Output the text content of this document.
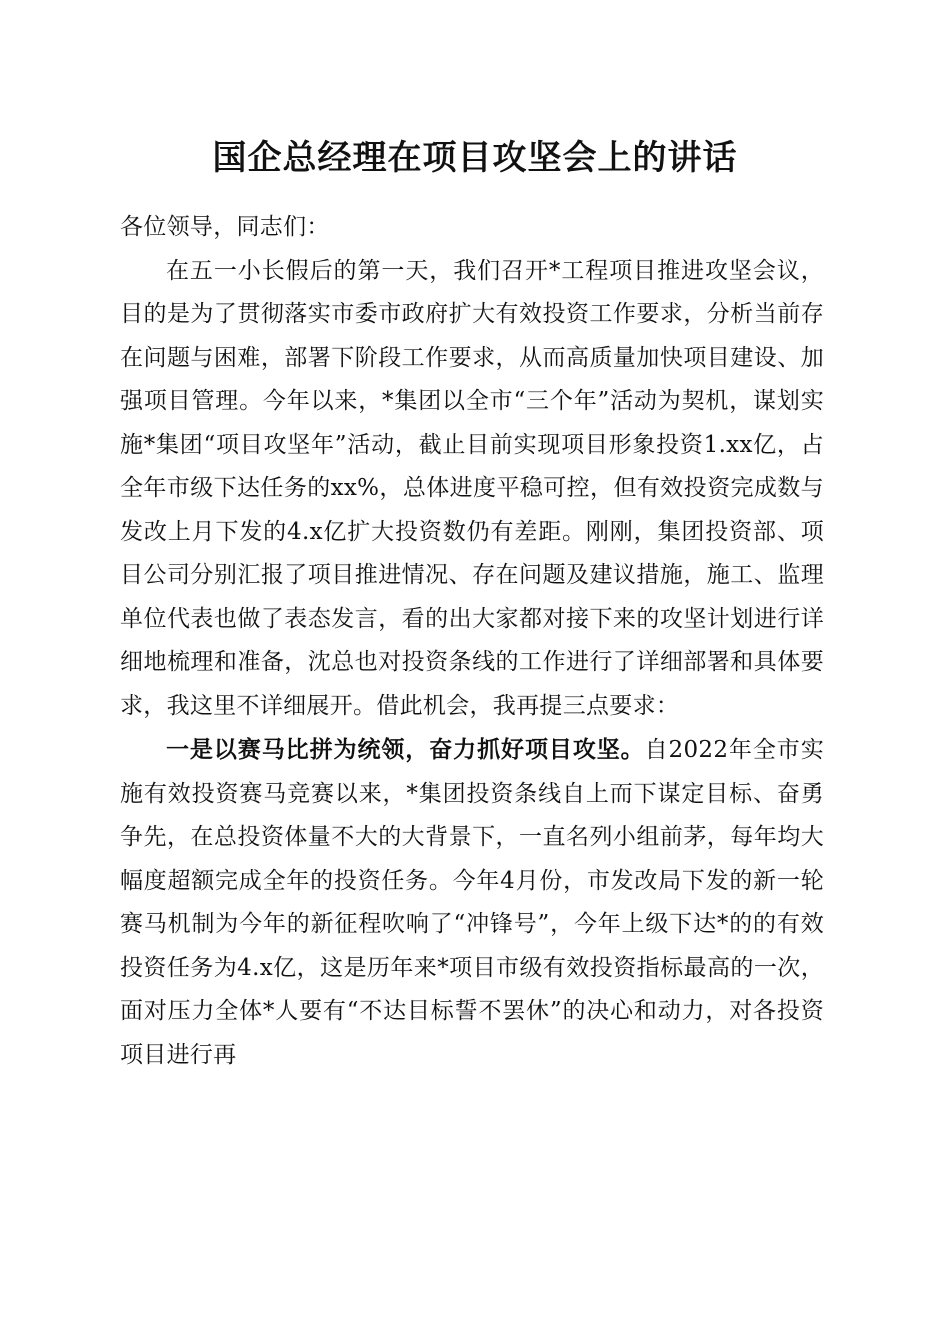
国企总经理在项目攻坚会上的讲话

各位领导，同志们：

在五一小长假后的第一天，我们召开*工程项目推进攻坚会议，目的是为了贯彻落实市委市政府扩大有效投资工作要求，分析当前存在问题与困难，部署下阶段工作要求，从而高质量加快项目建设、加强项目管理。今年以来，*集团以全市“三个年”活动为契机，谋划实施*集团“项目攻坚年”活动，截止目前实现项目形象投资1.xx亿，占全年市级下达任务的xx%，总体进度平稳可控，但有效投资完成数与发改上月下发的4.x亿扩大投资数仍有差距。刚刚，集团投资部、项目公司分别汇报了项目推进情况、存在问题及建议措施，施工、监理单位代表也做了表态发言，看的出大家都对接下来的攻坚计划进行详细地梳理和准备，沈总也对投资条线的工作进行了详细部署和具体要求，我这里不详细展开。借此机会，我再提三点要求：

一是以赛马比拼为统领，奋力抓好项目攻坚。自2022年全市实施有效投资赛马竞赛以来，*集团投资条线自上而下谋定目标、奋勇争先，在总投资体量不大的大背景下，一直名列小组前茅，每年均大幅度超额完成全年的投资任务。今年4月份，市发改局下发的新一轮赛马机制为今年的新征程吹响了“冲锋号”，今年上级下达*的的有效投资任务为4.x亿，这是历年来*项目市级有效投资指标最高的一次，面对压力全体*人要有“不达目标誓不罢休”的决心和动力，对各投资项目进行再
